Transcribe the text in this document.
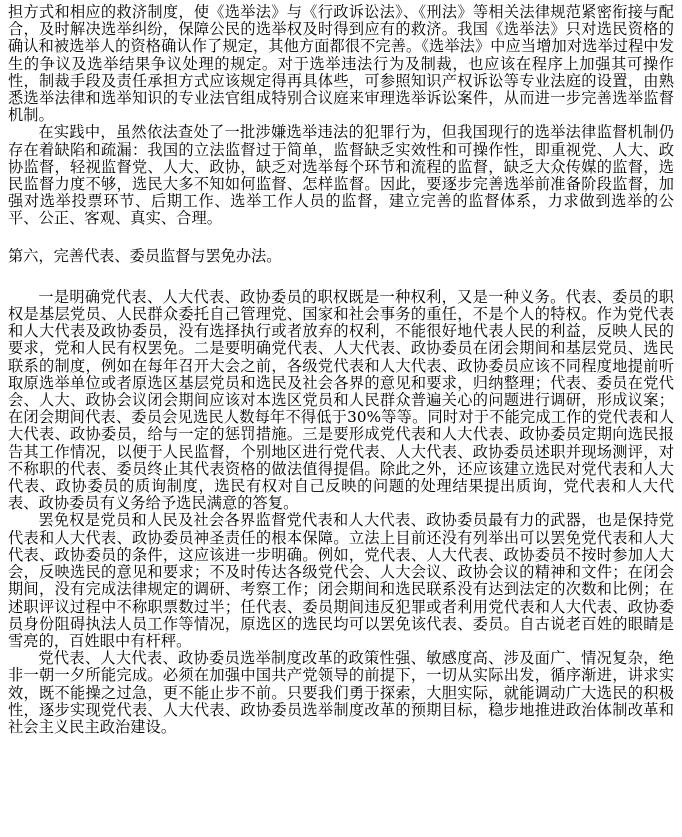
担方式和相应的救济制度，使《选举法》与《行政诉讼法》、《刑法》等相关法律规范紧密衔接与配合，及时解决选举纠纷，保障公民的选举权及时得到应有的救济。我国《选举法》只对选民资格的确认和被选举人的资格确认作了规定，其他方面都很不完善。《选举法》中应当增加对选举过程中发生的争议及选举结果争议处理的规定。对于选举违法行为及制裁，也应该在程序上加强其可操作性，制裁手段及责任承担方式应该规定得再具体些，可参照知识产权诉讼等专业法庭的设置，由熟悉选举法律和选举知识的专业法官组成特别合议庭来审理选举诉讼案件，从而进一步完善选举监督机制。

在实践中，虽然依法查处了一批涉嫌选举违法的犯罪行为，但我国现行的选举法律监督机制仍存在着缺陷和疏漏：我国的立法监督过于简单，监督缺乏实效性和可操作性，即重视党、人大、政协监督，轻视监督党、人大、政协，缺乏对选举每个环节和流程的监督，缺乏大众传媒的监督，选民监督力度不够，选民大多不知如何监督、怎样监督。因此，要逐步完善选举前准备阶段监督，加强对选举投票环节、后期工作、选举工作人员的监督，建立完善的监督体系，力求做到选举的公平、公正、客观、真实、合理。

第六，完善代表、委员监督与罢免办法。

一是明确党代表、人大代表、政协委员的职权既是一种权利，又是一种义务。代表、委员的职权是基层党员、人民群众委托自己管理党、国家和社会事务的重任，不是个人的特权。作为党代表和人大代表及政协委员，没有选择执行或者放弃的权利，不能很好地代表人民的利益，反映人民的要求，党和人民有权罢免。二是要明确党代表、人大代表、政协委员在闭会期间和基层党员、选民联系的制度，例如在每年召开大会之前，各级党代表和人大代表、政协委员应该不同程度地提前听取原选举单位或者原选区基层党员和选民及社会各界的意见和要求，归纳整理；代表、委员在党代会、人大、政协会议闭会期间应该对本选区党员和人民群众普遍关心的问题进行调研，形成议案；在闭会期间代表、委员会见选民人数每年不得低于30%等等。同时对于不能完成工作的党代表和人大代表、政协委员，给与一定的惩罚措施。三是要形成党代表和人大代表、政协委员定期向选民报告其工作情况，以便于人民监督，个别地区进行党代表、人大代表、政协委员述职并现场测评，对不称职的代表、委员终止其代表资格的做法值得提倡。除此之外，还应该建立选民对党代表和人大代表、政协委员的质询制度，选民有权对自己反映的问题的处理结果提出质询，党代表和人大代表、政协委员有义务给予选民满意的答复。

罢免权是党员和人民及社会各界监督党代表和人大代表、政协委员最有力的武器，也是保持党代表和人大代表、政协委员神圣责任的根本保障。立法上目前还没有列举出可以罢免党代表和人大代表、政协委员的条件，这应该进一步明确。例如，党代表、人大代表、政协委员不按时参加人大会，反映选民的意见和要求；不及时传达各级党代会、人大会议、政协会议的精神和文件；在闭会期间，没有完成法律规定的调研、考察工作；闭会期间和选民联系没有达到法定的次数和比例；在述职评议过程中不称职票数过半；任代表、委员期间违反犯罪或者利用党代表和人大代表、政协委员身份阻碍执法人员工作等情况，原选区的选民均可以罢免该代表、委员。自古说老百姓的眼睛是雪亮的，百姓眼中有杆秤。

党代表、人大代表、政协委员选举制度改革的政策性强、敏感度高、涉及面广、情况复杂，绝非一朝一夕所能完成。必须在加强中国共产党领导的前提下，一切从实际出发，循序渐进，讲求实效，既不能操之过急，更不能止步不前。只要我们勇于探索，大胆实际，就能调动广大选民的积极性，逐步实现党代表、人大代表、政协委员选举制度改革的预期目标，稳步地推进政治体制改革和社会主义民主政治建设。
